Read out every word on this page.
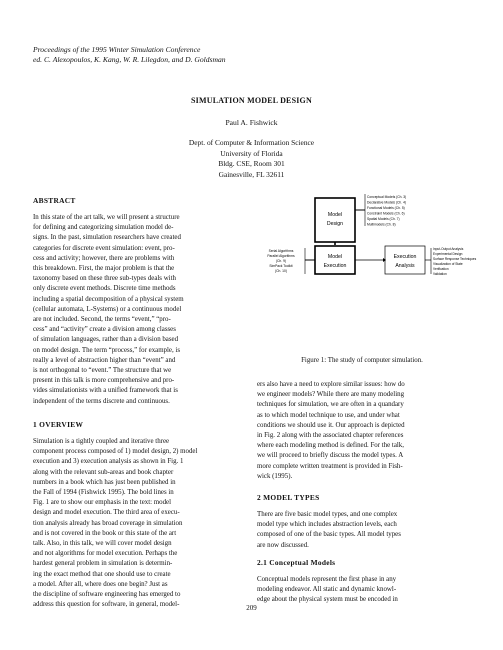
Proceedings of the 1995 Winter Simulation Conference
ed. C. Alexopoulos, K. Kang, W. R. Lilegdon, and D. Goldsman
SIMULATION MODEL DESIGN
Paul A. Fishwick
Dept. of Computer & Information Science
University of Florida
Bldg. CSE, Room 301
Gainesville, FL 32611
ABSTRACT
In this state of the art talk, we will present a structure
for defining and categorizing simulation model de-
signs. In the past, simulation researchers have created
categories for discrete event simulation: event, pro-
cess and activity; however, there are problems with
this breakdown. First, the major problem is that the
taxonomy based on these three sub-types deals with
only discrete event methods. Discrete time methods
including a spatial decomposition of a physical system
(cellular automata, L-Systems) or a continuous model
are not included. Second, the terms “event,” “pro-
cess” and “activity” create a division among classes
of simulation languages, rather than a division based
on model design. The term “process,” for example, is
really a level of abstraction higher than “event” and
is not orthogonal to “event.” The structure that we
present in this talk is more comprehensive and pro-
vides simulationists with a unified framework that is
independent of the terms discrete and continuous.
1 OVERVIEW
Simulation is a tightly coupled and iterative three
component process composed of 1) model design, 2) model
execution and 3) execution analysis as shown in Fig. 1
along with the relevant sub-areas and book chapter
numbers in a book which has just been published in
the Fall of 1994 (Fishwick 1995). The bold lines in
Fig. 1 are to show our emphasis in the text: model
design and model execution. The third area of execu-
tion analysis already has broad coverage in simulation
and is not covered in the book or this state of the art
talk. Also, in this talk, we will cover model design
and not algorithms for model execution. Perhaps the
hardest general problem in simulation is determin-
ing the exact method that one should use to create
a model. After all, where does one begin? Just as
the discipline of software engineering has emerged to
address this question for software, in general, model-
Model
Design
Model
Execution
Execution
Analysis
Conceptual Models (Ch. 3)
Declarative Models (Ch. 4)
Functional Models (Ch. 5)
Constraint Models (Ch. 6)
Spatial Models (Ch. 7)
Multimodels (Ch. 8)
Serial Algorithms
Parallel Algorithms
(Ch. 9)
SimPack Toolkit
(Ch. 10)
Input-Output Analysis
Experimental Design
Surface Response Techniques
Visualization of State
Verification
Validation
Figure 1: The study of computer simulation.
ers also have a need to explore similar issues: how do
we engineer models? While there are many modeling
techniques for simulation, we are often in a quandary
as to which model technique to use, and under what
conditions we should use it. Our approach is depicted
in Fig. 2 along with the associated chapter references
where each modeling method is defined. For the talk,
we will proceed to briefly discuss the model types. A
more complete written treatment is provided in Fish-
wick (1995).
2 MODEL TYPES
There are five basic model types, and one complex
model type which includes abstraction levels, each
composed of one of the basic types. All model types
are now discussed.
2.1 Conceptual Models
Conceptual models represent the first phase in any
modeling endeavor. All static and dynamic knowl-
edge about the physical system must be encoded in
209
